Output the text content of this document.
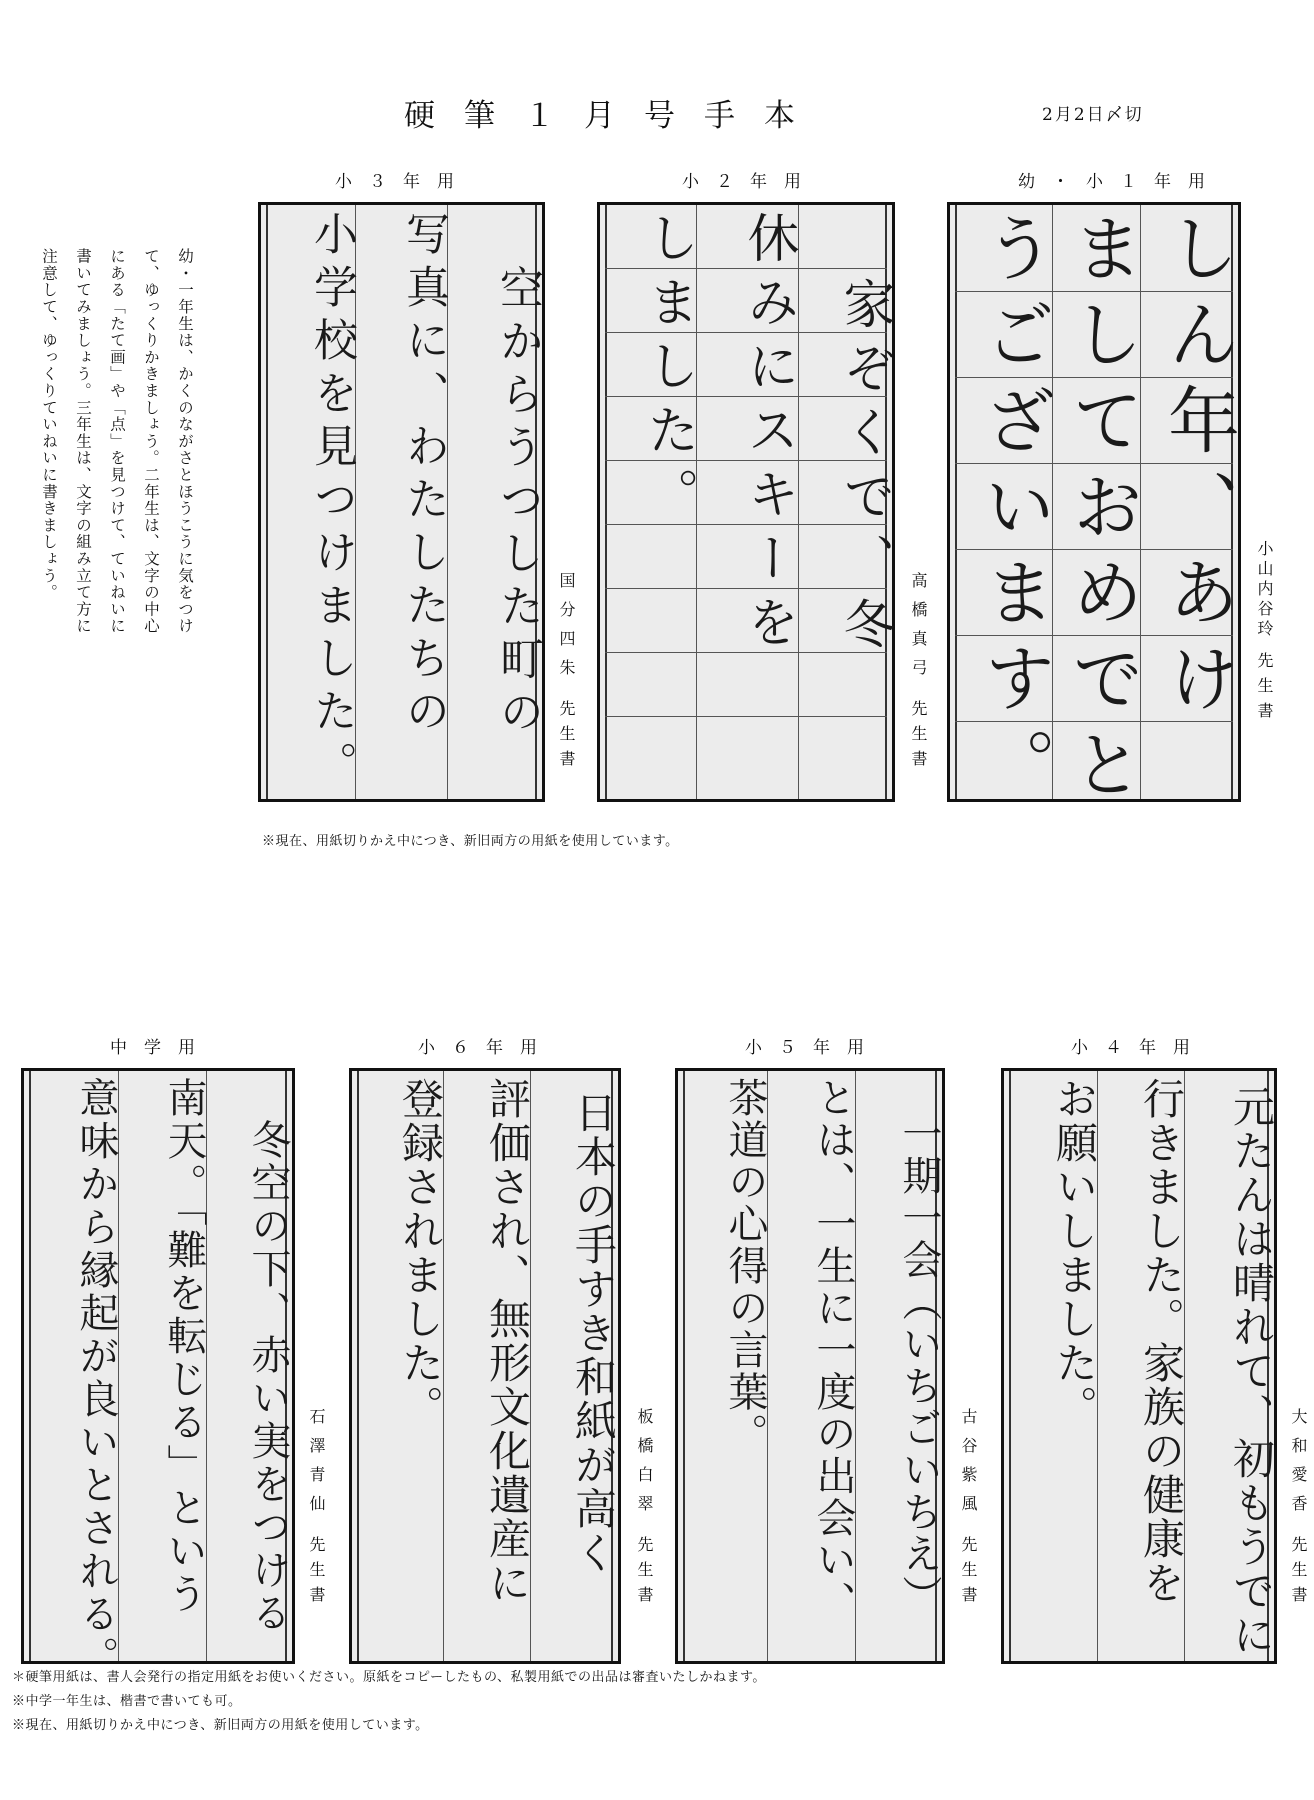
硬筆１月号手本	2月2日〆切
幼・小１年用
しん年、あけ
ましておめでと
うございます。	小山内谷玲先生書
小２年用
家ぞくで、冬
休みにスキーを
しました。
高橋真弓先生書
小３年用
空からうつした町の
写真に、わたしたちの
小学校を見つけました。	国分四朱先生書
幼・一年生は、かくのながさとほうこうに気をつけて、ゆっくりかきましょう。二年生は、文字の中心にある「たて画」や「点」を見つけて、ていねいに書いてみましょう。三年生は、文字の組み立て方に注意して、ゆっくりていねいに書きましょう。
※現在、用紙切りかえ中につき、新旧両方の用紙を使用しています。
小４年用
元たんは晴れて、初もうでに
行きました。家族の健康を
お願いしました。
大和愛香先生書
小５年用
一期一会（いちごいちえ）
とは、一生に一度の出会い、
茶道の心得の言葉。
古谷紫風先生書
小６年用
日本の手すき和紙が高く
評価され、無形文化遺産に
登録されました。
板橋白翠先生書
中学用
冬空の下、赤い実をつける
南天。「難を転じる」という
意味から縁起が良いとされる。	石澤青仙先生書
＊硬筆用紙は、書人会発行の指定用紙をお使いください。原紙をコピーしたもの、私製用紙での出品は審査いたしかねます。
※中学一年生は、楷書で書いても可。
※現在、用紙切りかえ中につき、新旧両方の用紙を使用しています。
